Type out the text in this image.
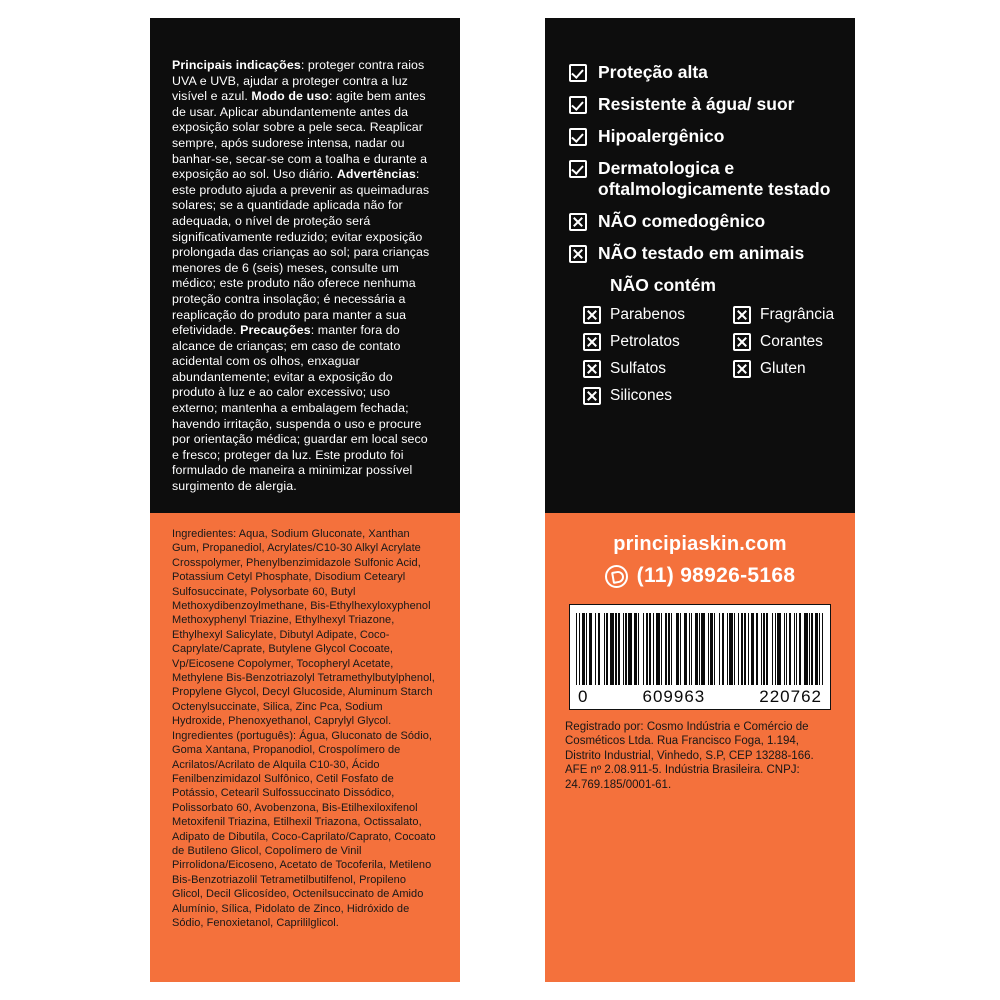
Principais indicações: proteger contra raios UVA e UVB, ajudar a proteger contra a luz visível e azul. Modo de uso: agite bem antes de usar. Aplicar abundantemente antes da exposição solar sobre a pele seca. Reaplicar sempre, após sudorese intensa, nadar ou banhar-se, secar-se com a toalha e durante a exposição ao sol. Uso diário. Advertências: este produto ajuda a prevenir as queimaduras solares; se a quantidade aplicada não for adequada, o nível de proteção será significativamente reduzido; evitar exposição prolongada das crianças ao sol; para crianças menores de 6 (seis) meses, consulte um médico; este produto não oferece nenhuma proteção contra insolação; é necessária a reaplicação do produto para manter a sua efetividade. Precauções: manter fora do alcance de crianças; em caso de contato acidental com os olhos, enxaguar abundantemente; evitar a exposição do produto à luz e ao calor excessivo; uso externo; mantenha a embalagem fechada; havendo irritação, suspenda o uso e procure por orientação médica; guardar em local seco e fresco; proteger da luz. Este produto foi formulado de maneira a minimizar possível surgimento de alergia.
Ingredientes: Aqua, Sodium Gluconate, Xanthan Gum, Propanediol, Acrylates/C10-30 Alkyl Acrylate Crosspolymer, Phenylbenzimidazole Sulfonic Acid, Potassium Cetyl Phosphate, Disodium Cetearyl Sulfosuccinate, Polysorbate 60, Butyl Methoxydibenzoylmethane, Bis-Ethylhexyloxyphenol Methoxyphenyl Triazine, Ethylhexyl Triazone, Ethylhexyl Salicylate, Dibutyl Adipate, Coco-Caprylate/Caprate, Butylene Glycol Cocoate, Vp/Eicosene Copolymer, Tocopheryl Acetate, Methylene Bis-Benzotriazolyl Tetramethylbutylphenol, Propylene Glycol, Decyl Glucoside, Aluminum Starch Octenylsuccinate, Silica, Zinc Pca, Sodium Hydroxide, Phenoxyethanol, Caprylyl Glycol. Ingredientes (português): Água, Gluconato de Sódio, Goma Xantana, Propanodiol, Crospolímero de Acrilatos/Acrilato de Alquila C10-30, Ácido Fenilbenzimidazol Sulfônico, Cetil Fosfato de Potássio, Cetearil Sulfossuccinato Dissódico, Polissorbato 60, Avobenzona, Bis-Etilhexiloxifenol Metoxifenil Triazina, Etilhexil Triazona, Octissalato, Adipato de Dibutila, Coco-Caprilato/Caprato, Cocoato de Butileno Glicol, Copolímero de Vinil Pirrolidona/Eicoseno, Acetato de Tocoferila, Metileno Bis-Benzotriazolil Tetrametilbutilfenol, Propileno Glicol, Decil Glicosídeo, Octenilsuccinato de Amido Alumínio, Sílica, Pidolato de Zinco, Hidróxido de Sódio, Fenoxietanol, Caprililglicol.
Proteção alta
Resistente à água/ suor
Hipoalergênico
Dermatologica e oftalmologicamente testado
NÃO comedogênico
NÃO testado em animais
NÃO contém
Parabenos	Fragrância
Petrolatos	Corantes
Sulfatos	Gluten
Silicones
principiaskin.com
(11) 98926-5168
0	609963	220762
Registrado por: Cosmo Indústria e Comércio de Cosméticos Ltda. Rua Francisco Foga, 1.194, Distrito Industrial, Vinhedo, S.P, CEP 13288-166. AFE nº 2.08.911-5. Indústria Brasileira. CNPJ: 24.769.185/0001-61.
